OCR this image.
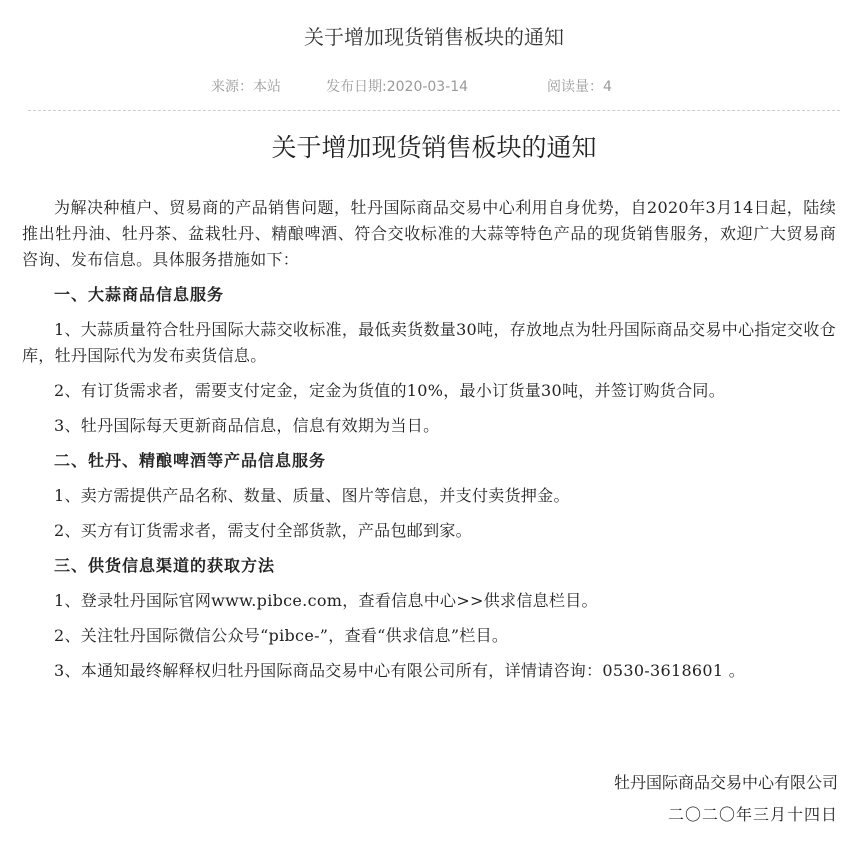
关于增加现货销售板块的通知
来源：本站	发布日期:2020-03-14	阅读量：4
关于增加现货销售板块的通知

为解决种植户、贸易商的产品销售问题，牡丹国际商品交易中心利用自身优势，自2020年3月14日起，陆续推出牡丹油、牡丹茶、盆栽牡丹、精酿啤酒、符合交收标准的大蒜等特色产品的现货销售服务，欢迎广大贸易商咨询、发布信息。具体服务措施如下：

一、大蒜商品信息服务

1、大蒜质量符合牡丹国际大蒜交收标准，最低卖货数量30吨，存放地点为牡丹国际商品交易中心指定交收仓库，牡丹国际代为发布卖货信息。

2、有订货需求者，需要支付定金，定金为货值的10%，最小订货量30吨，并签订购货合同。

3、牡丹国际每天更新商品信息，信息有效期为当日。

二、牡丹、精酿啤酒等产品信息服务

1、卖方需提供产品名称、数量、质量、图片等信息，并支付卖货押金。

2、买方有订货需求者，需支付全部货款，产品包邮到家。

三、供货信息渠道的获取方法

1、登录牡丹国际官网www.pibce.com，查看信息中心>>供求信息栏目。

2、关注牡丹国际微信公众号“pibce-”，查看“供求信息”栏目。

3、本通知最终解释权归牡丹国际商品交易中心有限公司所有，详情请咨询：0530-3618601 。

牡丹国际商品交易中心有限公司
二〇二〇年三月十四日
